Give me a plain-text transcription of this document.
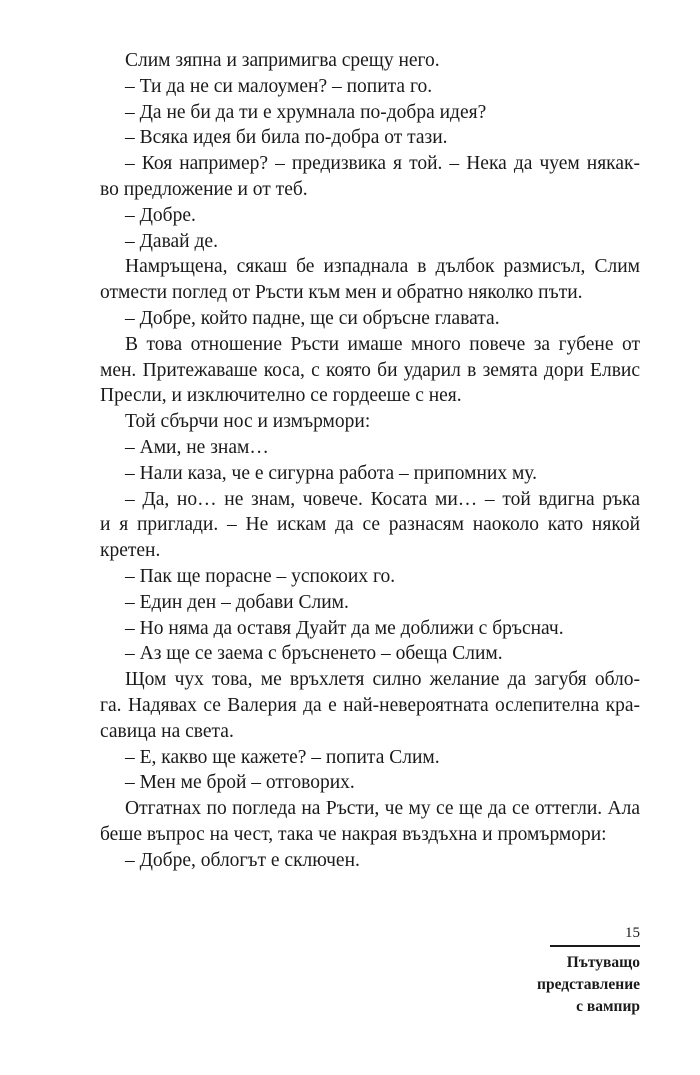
Слим зяпна и запримигва срещу него.
– Ти да не си малоумен? – попита го.
– Да не би да ти е хрумнала по-добра идея?
– Всяка идея би била по-добра от тази.
– Коя например? – предизвика я той. – Нека да чуем някак-
во предложение и от теб.
– Добре.
– Давай де.
Намръщена, сякаш бе изпаднала в дълбок размисъл, Слим
отмести поглед от Ръсти към мен и обратно няколко пъти.
– Добре, който падне, ще си обръсне главата.
В това отношение Ръсти имаше много повече за губене от
мен. Притежаваше коса, с която би ударил в земята дори Елвис
Пресли, и изключително се гордееше с нея.
Той сбърчи нос и измърмори:
– Ами, не знам…
– Нали каза, че е сигурна работа – припомних му.
– Да, но… не знам, човече. Косата ми… – той вдигна ръка
и я приглади. – Не искам да се разнасям наоколо като някой
кретен.
– Пак ще порасне – успокоих го.
– Един ден – добави Слим.
– Но няма да оставя Дуайт да ме доближи с бръснач.
– Аз ще се заема с бръсненето – обеща Слим.
Щом чух това, ме връхлетя силно желание да загубя обло-
га. Надявах се Валерия да е най-невероятната ослепителна кра-
савица на света.
– Е, какво ще кажете? – попита Слим.
– Мен ме брой – отговорих.
Отгатнах по погледа на Ръсти, че му се ще да се оттегли. Ала
беше въпрос на чест, така че накрая въздъхна и промърмори:
– Добре, облогът е сключен.
15
Пътуващо
представление
с вампир
